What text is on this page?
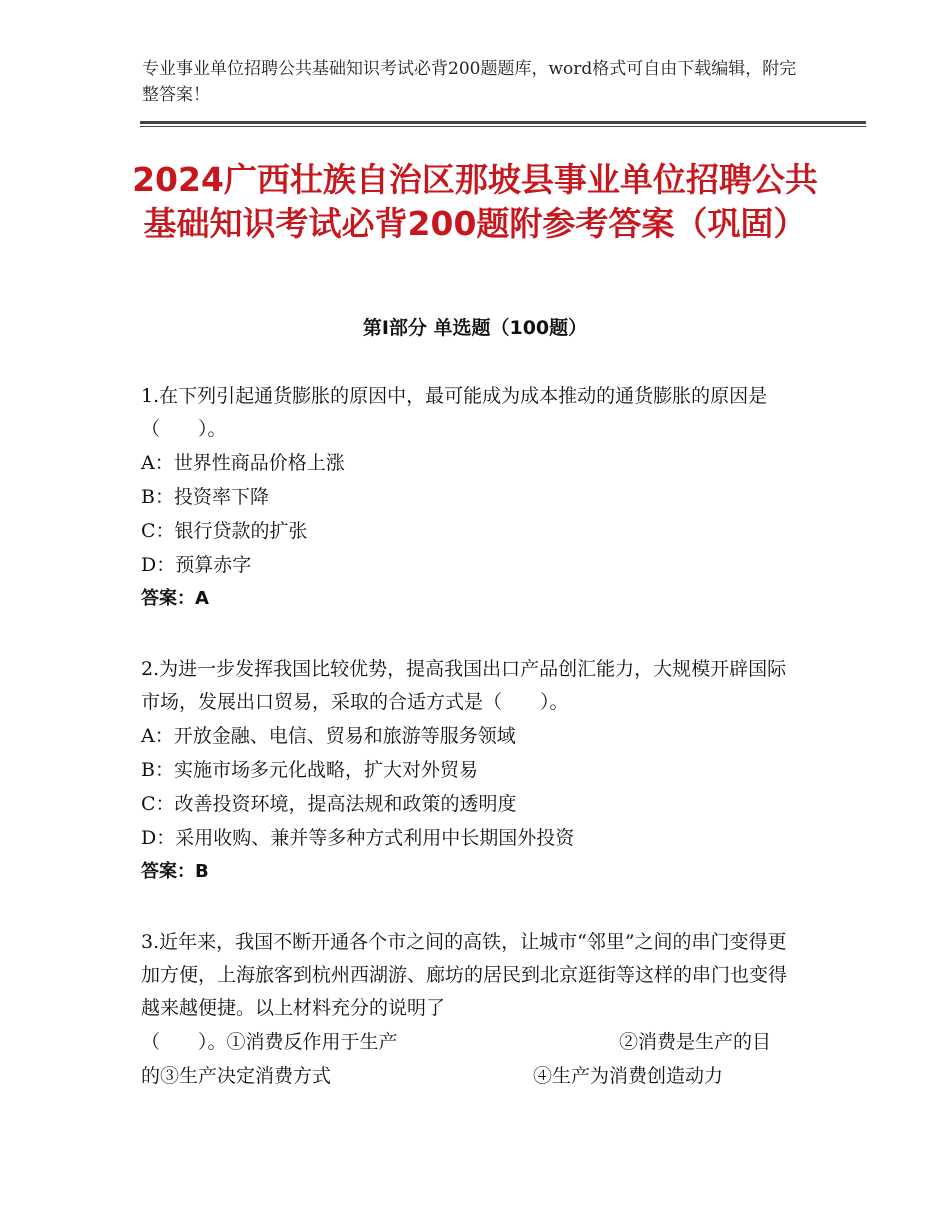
专业事业单位招聘公共基础知识考试必背200题题库，word格式可自由下载编辑，附完整答案！
2024广西壮族自治区那坡县事业单位招聘公共基础知识考试必背200题附参考答案（巩固）
第Ⅰ部分 单选题（100题）
1.在下列引起通货膨胀的原因中，最可能成为成本推动的通货膨胀的原因是（　　）。
A：世界性商品价格上涨
B：投资率下降
C：银行贷款的扩张
D：预算赤字
答案：A
2.为进一步发挥我国比较优势，提高我国出口产品创汇能力，大规模开辟国际市场，发展出口贸易，采取的合适方式是（　　）。
A：开放金融、电信、贸易和旅游等服务领域
B：实施市场多元化战略，扩大对外贸易
C：改善投资环境，提高法规和政策的透明度
D：采用收购、兼并等多种方式利用中长期国外投资
答案：B
3.近年来，我国不断开通各个市之间的高铁，让城市“邻里”之间的串门变得更加方便，上海旅客到杭州西湖游、廊坊的居民到北京逛街等这样的串门也变得越来越便捷。以上材料充分的说明了
（　　）。①消费反作用于生产	②消费是生产的目
的③生产决定消费方式	④生产为消费创造动力
